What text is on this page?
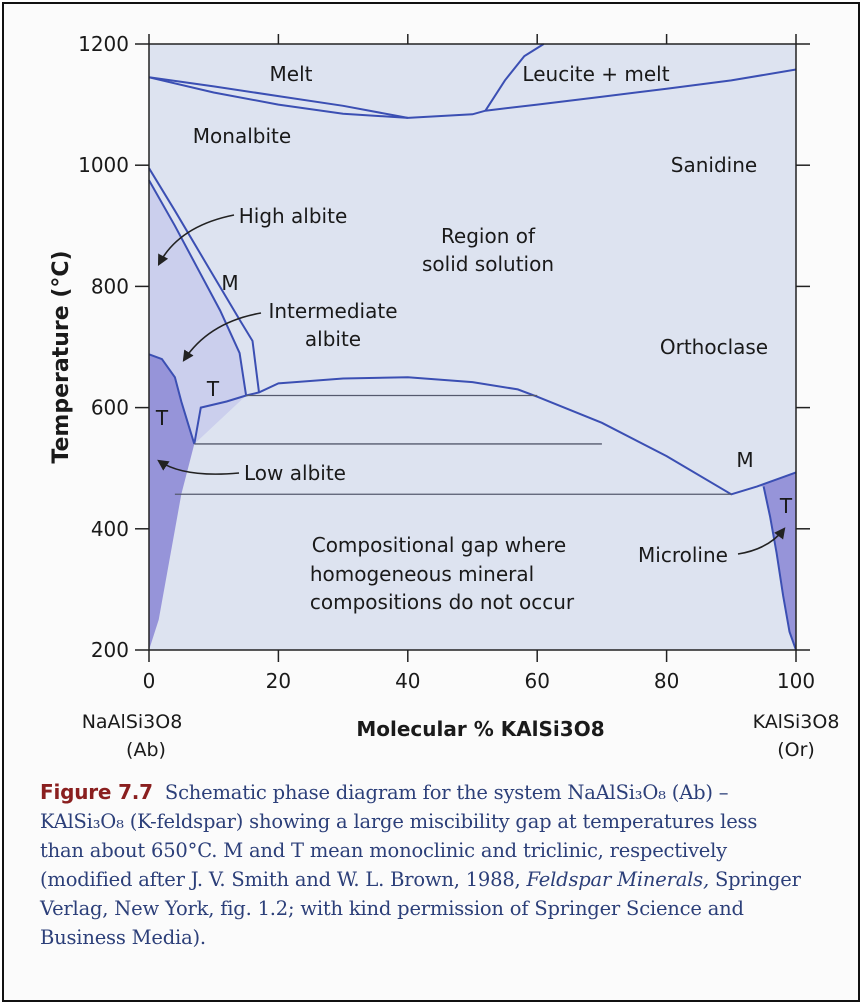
200
400
600
800
1000
1200
0	20	40	60	80	100
Temperature (°C)
Molecular % KAlSi3O8
NaAlSi3O8
(Ab)
KAlSi3O8
(Or)
Melt	Leucite + melt
Monalbite
Sanidine
Region of
solid solution
Orthoclase
Compositional gap where
homogeneous mineral
compositions do not occur
M
T
T
M
T
High albite
Intermediate
albite
Low albite
Microline
Figure 7.7 Schematic phase diagram for the system NaAlSi₃O₈ (Ab) –
KAlSi₃O₈ (K-feldspar) showing a large miscibility gap at temperatures less
than about 650°C. M and T mean monoclinic and triclinic, respectively
(modified after J. V. Smith and W. L. Brown, 1988, Feldspar Minerals, Springer
Verlag, New York, fig. 1.2; with kind permission of Springer Science and
Business Media).
